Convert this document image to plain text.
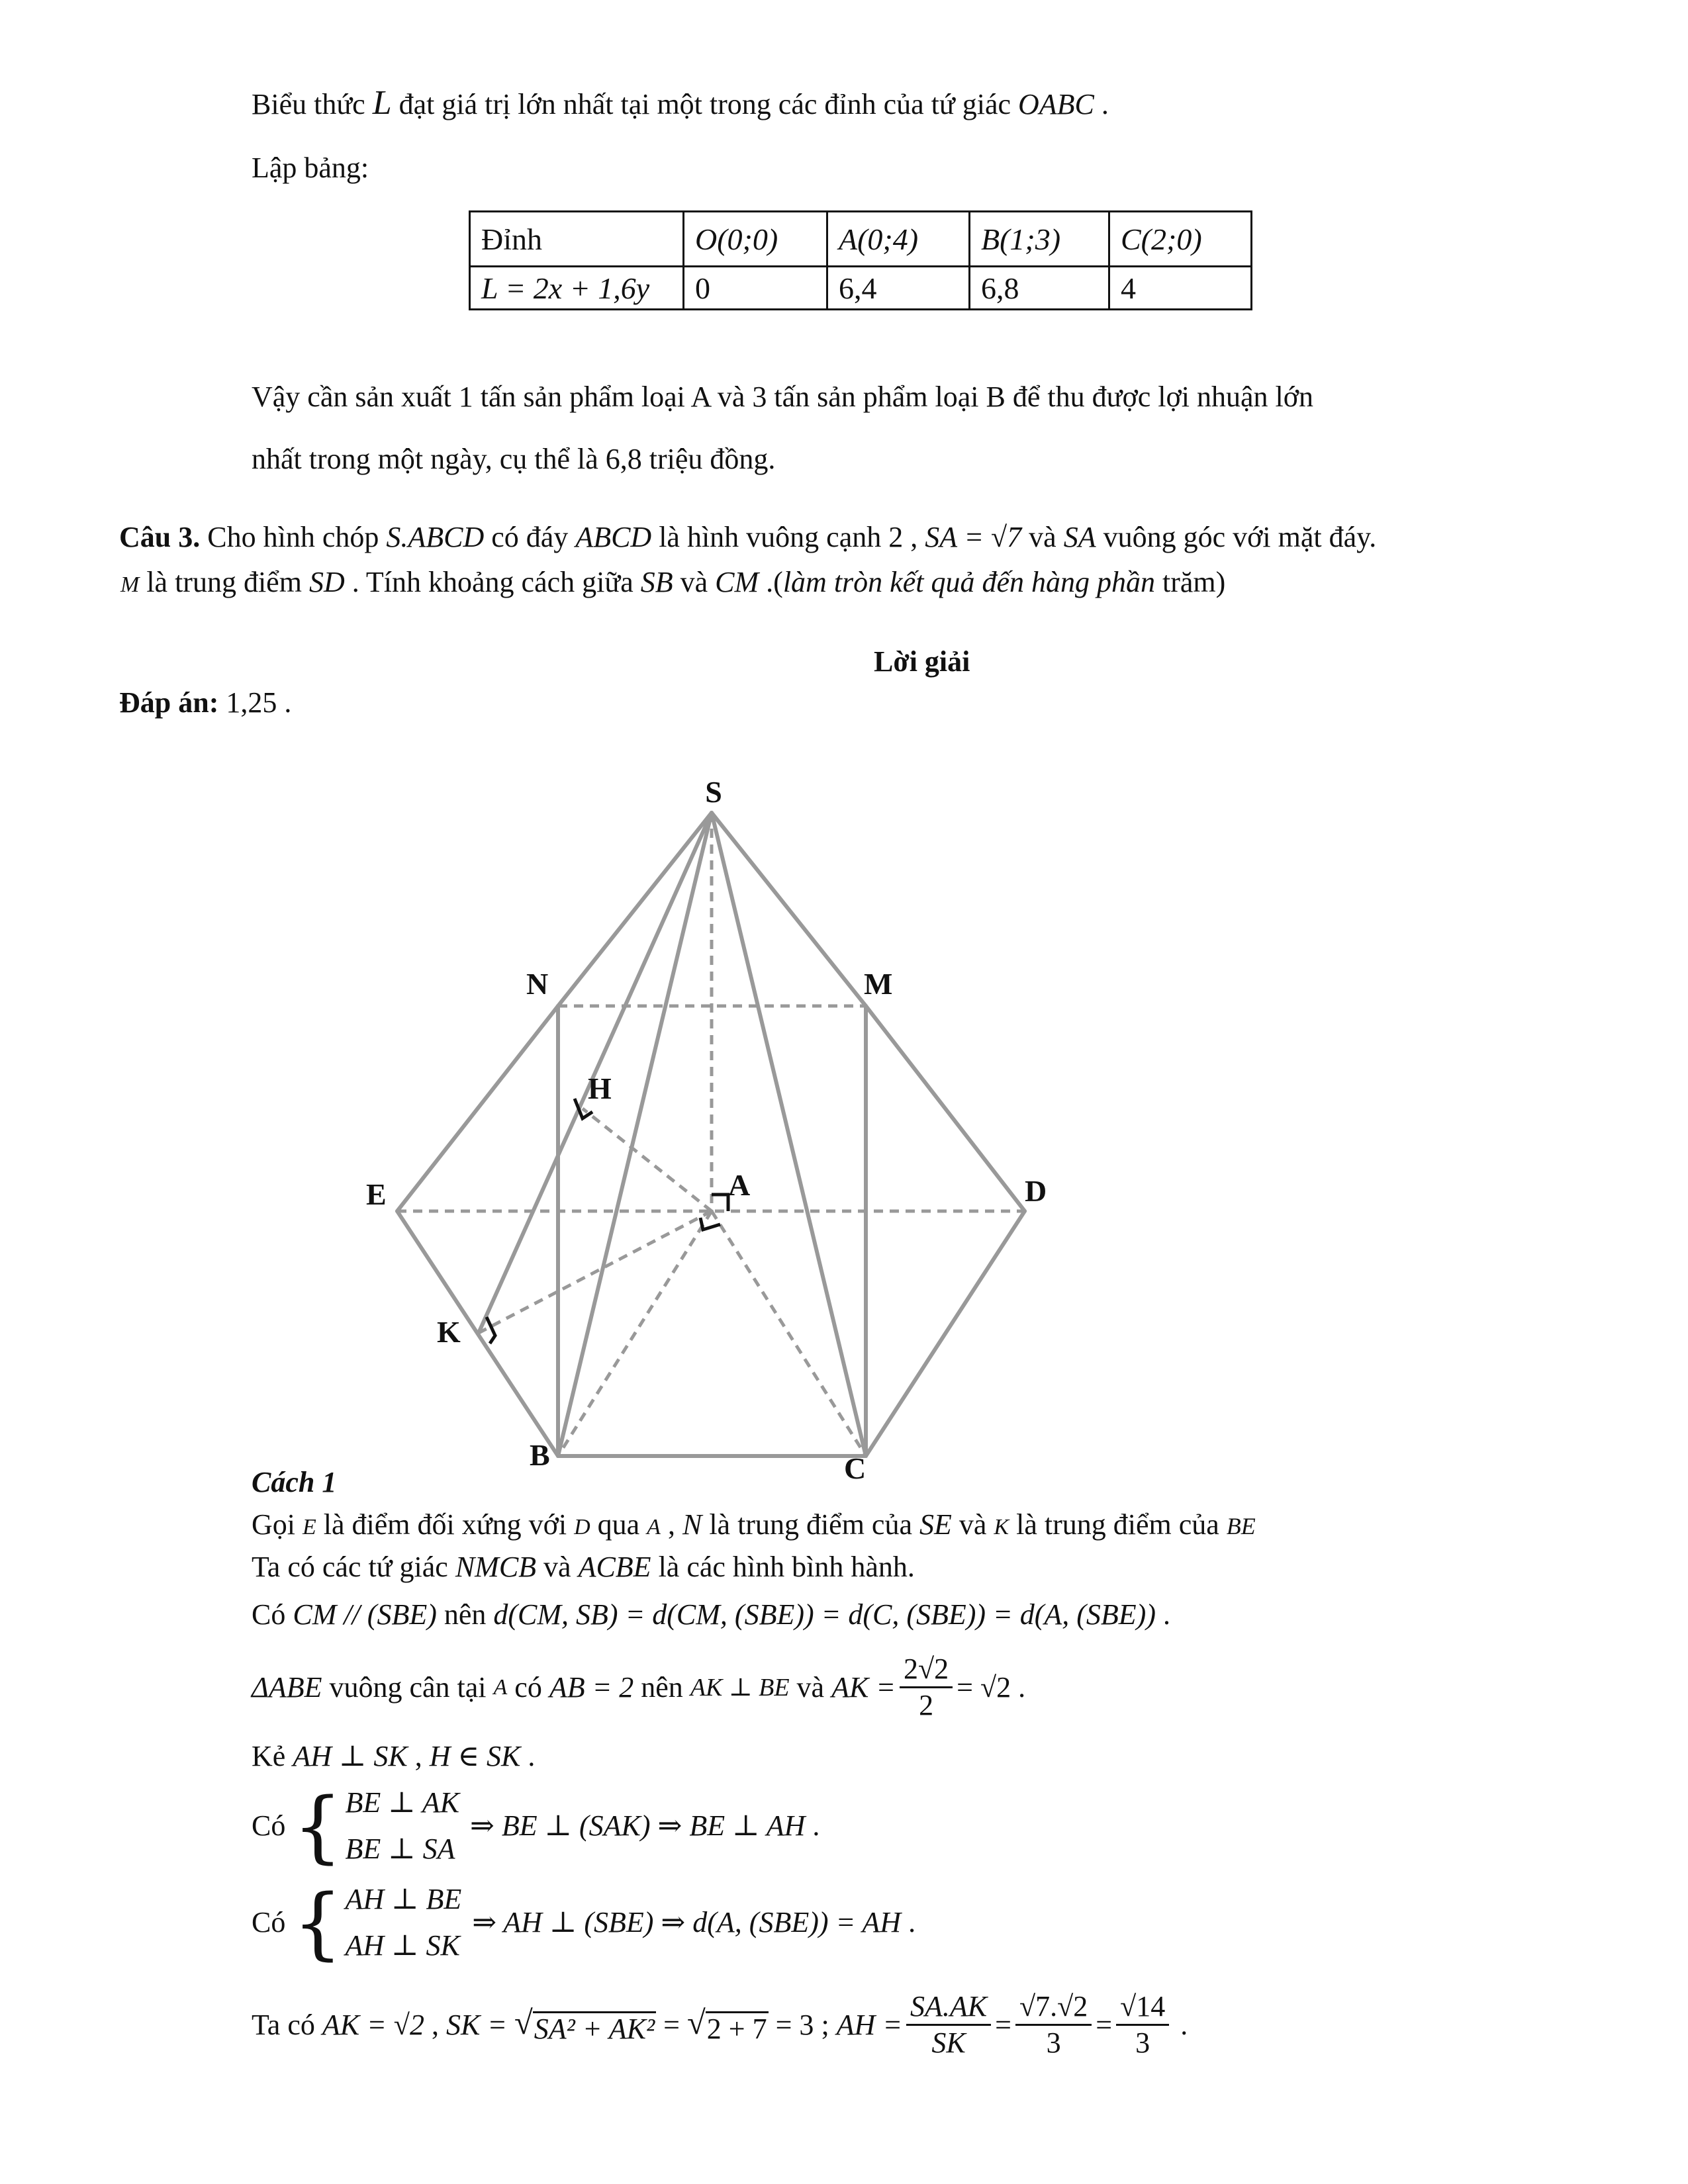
Biểu thức L đạt giá trị lớn nhất tại một trong các đỉnh của tứ giác OABC .
Lập bảng:
Đỉnh	O(0;0)	A(0;4)	B(1;3)	C(2;0)
L = 2x + 1,6y	0	6,4	6,8	4
Vậy cần sản xuất 1 tấn sản phẩm loại A và 3 tấn sản phẩm loại B để thu được lợi nhuận lớn
nhất trong một ngày, cụ thể là 6,8 triệu đồng.
Câu 3. Cho hình chóp S.ABCD có đáy ABCD là hình vuông cạnh 2 , SA = √7 và SA vuông góc với mặt đáy.
M là trung điểm SD . Tính khoảng cách giữa SB và CM .(làm tròn kết quả đến hàng phần trăm)
Lời giải
Đáp án: 1,25 .
S
N	M
H
A
E	D
K
B	C
Cách 1
Gọi E là điểm đối xứng với D qua A , N là trung điểm của SE và K là trung điểm của BE
Ta có các tứ giác NMCB và ACBE là các hình bình hành.
Có CM // (SBE) nên d(CM, SB) = d(CM, (SBE)) = d(C, (SBE)) = d(A, (SBE)) .
ΔABE vuông cân tại A có AB = 2 nên AK ⊥ BE và AK = $\frac{2√2}{2} = √2$ .
Kẻ AH ⊥ SK , H ∈ SK .
Có { BE ⊥ AK
BE ⊥ SA
⇒ BE ⊥ (SAK) ⇒ BE ⊥ AH .
Có { AH ⊥ BE
AH ⊥ SK
⇒ AH ⊥ (SBE) ⇒ d(A, (SBE)) = AH .
Ta có AK = √2 , SK = √ SA² + AK² = √ 2 + 7 = 3 ; AH = $\frac{SA.AK}{SK} = \frac{√7.√2}{3} = \frac{√14}{3}$ .
